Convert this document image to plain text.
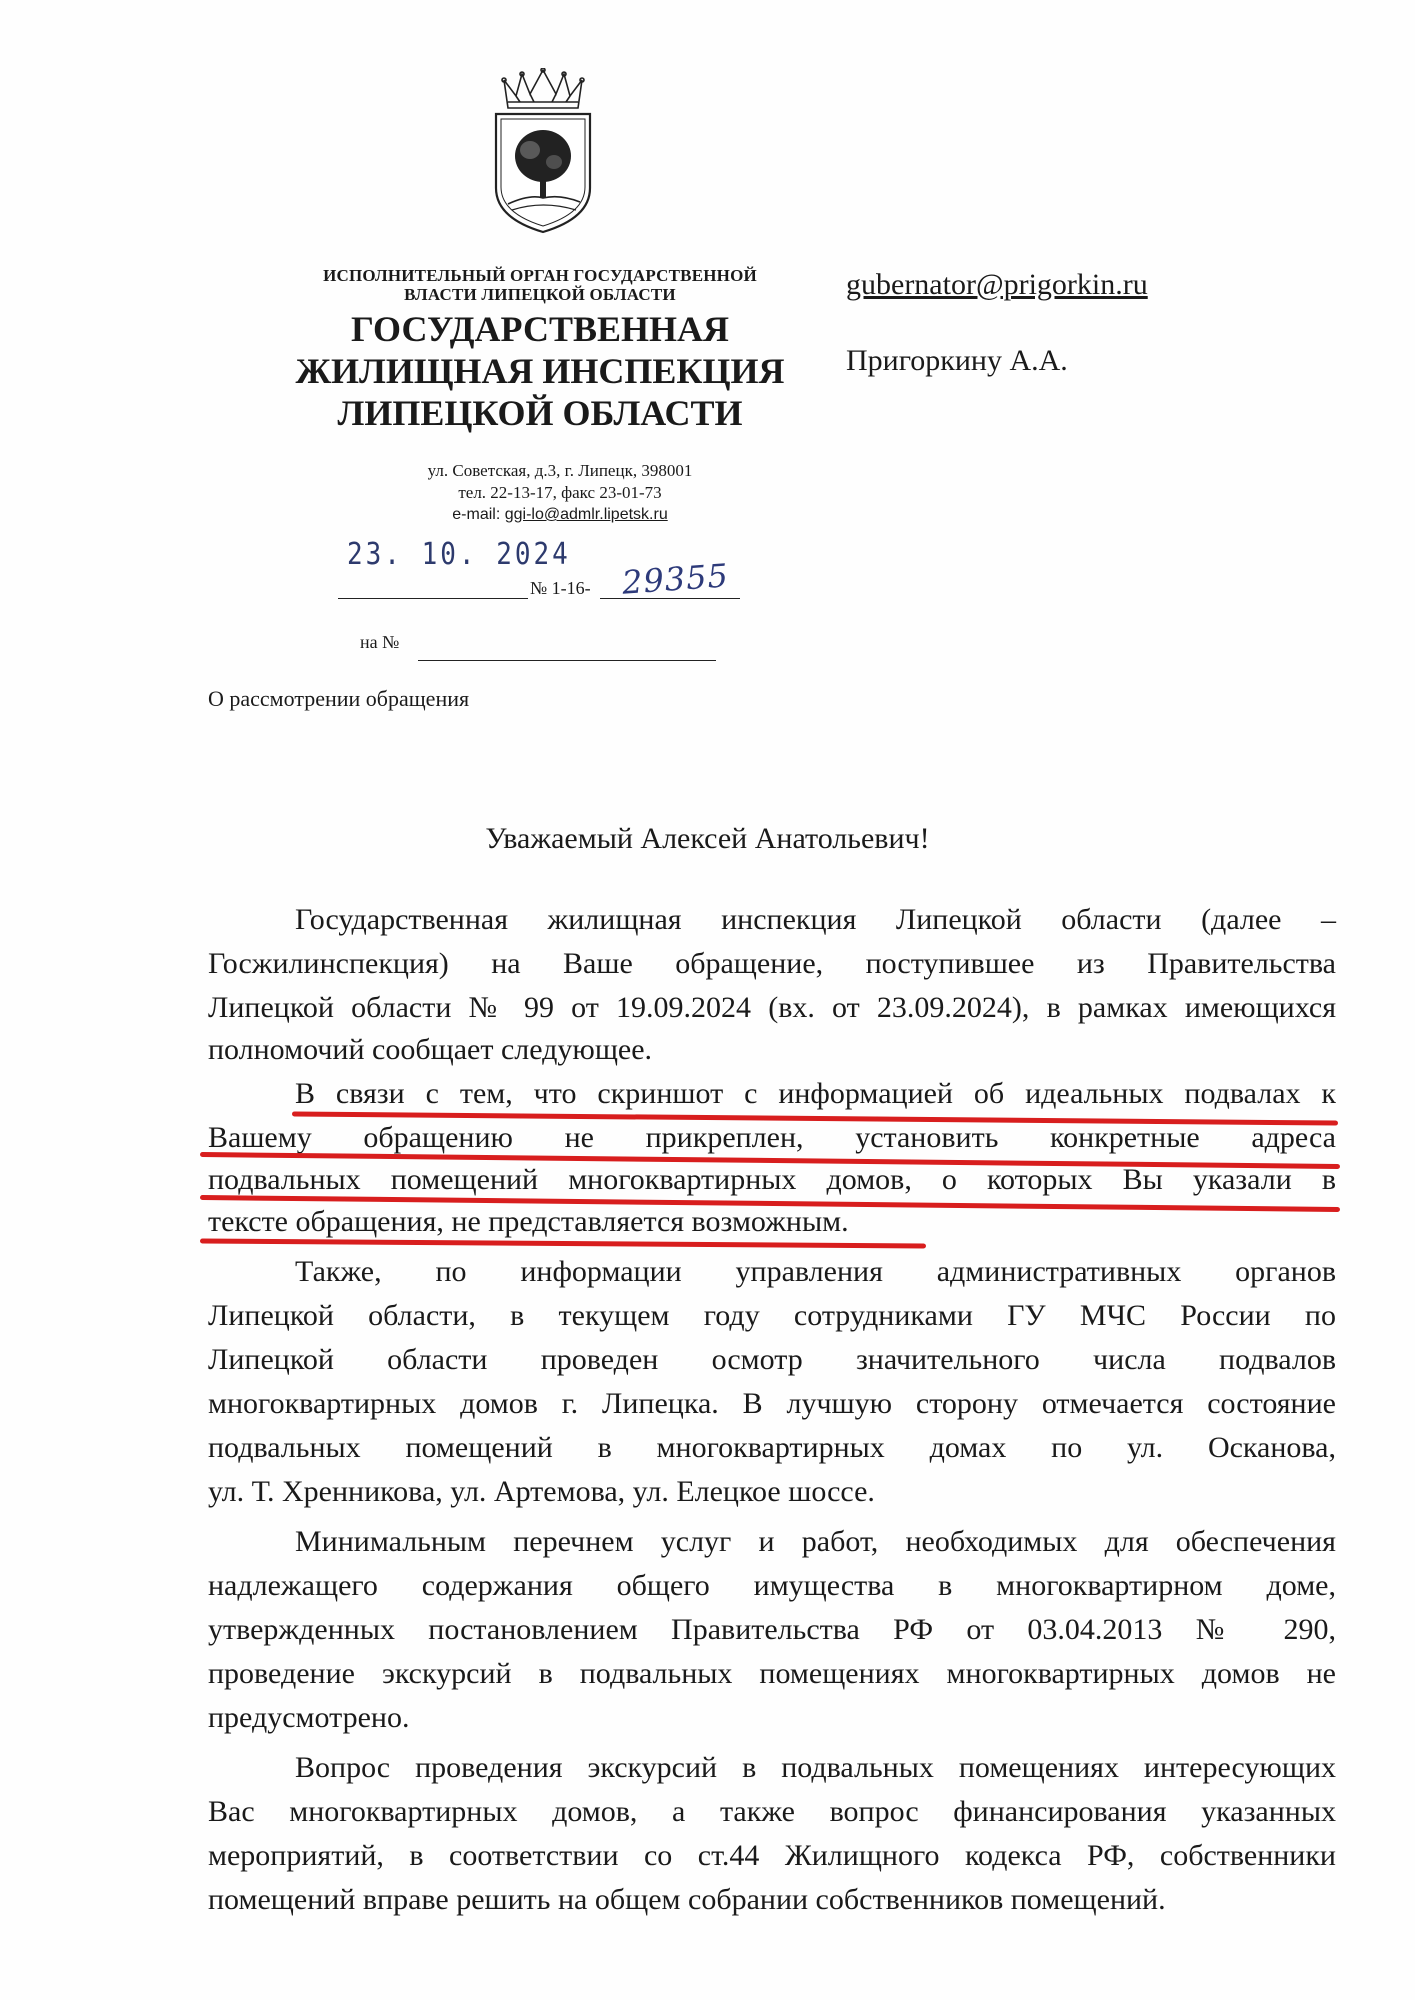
ИСПОЛНИТЕЛЬНЫЙ ОРГАН ГОСУДАРСТВЕННОЙ
ВЛАСТИ ЛИПЕЦКОЙ ОБЛАСТИ
ГОСУДАРСТВЕННАЯ
ЖИЛИЩНАЯ ИНСПЕКЦИЯ
ЛИПЕЦКОЙ ОБЛАСТИ
ул. Советская, д.3, г. Липецк, 398001
тел. 22-13-17, факс 23-01-73
e-mail: ggi-lo@admlr.lipetsk.ru
23. 10. 2024
№ 1-16- 29355
на №
gubernator@prigorkin.ru
Пригоркину А.А.
О рассмотрении обращения
Уважаемый Алексей Анатольевич!
Государственная жилищная инспекция Липецкой области (далее –
Госжилинспекция) на Ваше обращение, поступившее из Правительства
Липецкой области № 99 от 19.09.2024 (вх. от 23.09.2024), в рамках имеющихся
полномочий сообщает следующее.
В связи с тем, что скриншот с информацией об идеальных подвалах к
Вашему обращению не прикреплен, установить конкретные адреса
подвальных помещений многоквартирных домов, о которых Вы указали в
тексте обращения, не представляется возможным.
Также, по информации управления административных органов
Липецкой области, в текущем году сотрудниками ГУ МЧС России по
Липецкой области проведен осмотр значительного числа подвалов
многоквартирных домов г. Липецка. В лучшую сторону отмечается состояние
подвальных помещений в многоквартирных домах по ул. Осканова,
ул. Т. Хренникова, ул. Артемова, ул. Елецкое шоссе.
Минимальным перечнем услуг и работ, необходимых для обеспечения
надлежащего содержания общего имущества в многоквартирном доме,
утвержденных постановлением Правительства РФ от 03.04.2013 № 290,
проведение экскурсий в подвальных помещениях многоквартирных домов не
предусмотрено.
Вопрос проведения экскурсий в подвальных помещениях интересующих
Вас многоквартирных домов, а также вопрос финансирования указанных
мероприятий, в соответствии со ст.44 Жилищного кодекса РФ, собственники
помещений вправе решить на общем собрании собственников помещений.
